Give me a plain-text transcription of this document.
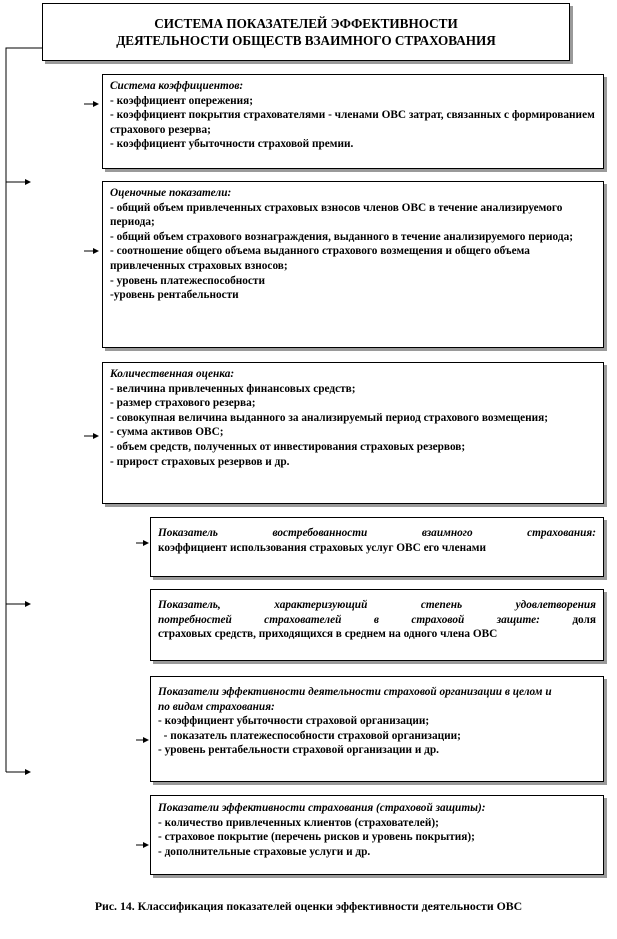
СИСТЕМА ПОКАЗАТЕЛЕЙ ЭФФЕКТИВНОСТИ
ДЕЯТЕЛЬНОСТИ ОБЩЕСТВ ВЗАИМНОГО СТРАХОВАНИЯ
Система коэффициентов:
- коэффициент опережения;
- коэффициент покрытия страхователями - членами ОВС затрат, связанных с формированием страхового резерва;
- коэффициент убыточности страховой премии.
Оценочные показатели:
- общий объем привлеченных страховых взносов членов ОВС в течение анализируемого периода;
- общий объем страхового вознаграждения, выданного в течение анализируемого периода;
- соотношение общего объема выданного страхового возмещения и общего объема привлеченных страховых взносов;
- уровень платежеспособности
-уровень рентабельности
Количественная оценка:
- величина привлеченных финансовых средств;
- размер страхового резерва;
- совокупная величина выданного за анализируемый период страхового возмещения;
- сумма активов ОВС;
- объем средств, полученных от инвестирования страховых резервов;
- прирост страховых резервов и др.
Показатель востребованности взаимного страхования:
коэффициент использования страховых услуг ОВС его членами
Показатель, характеризующий степень удовлетворения
потребностей страхователей в страховой защите: доля
страховых средств, приходящихся в среднем на одного члена ОВС
Показатели эффективности деятельности страховой организации в целом и по видам страхования:
- коэффициент убыточности страховой организации;
- показатель платежеспособности страховой организации;
- уровень рентабельности страховой организации и др.
Показатели эффективности страхования (страховой защиты):
- количество привлеченных клиентов (страхователей);
- страховое покрытие (перечень рисков и уровень покрытия);
- дополнительные страховые услуги и др.
Рис. 14. Классификация показателей оценки эффективности деятельности ОВС
